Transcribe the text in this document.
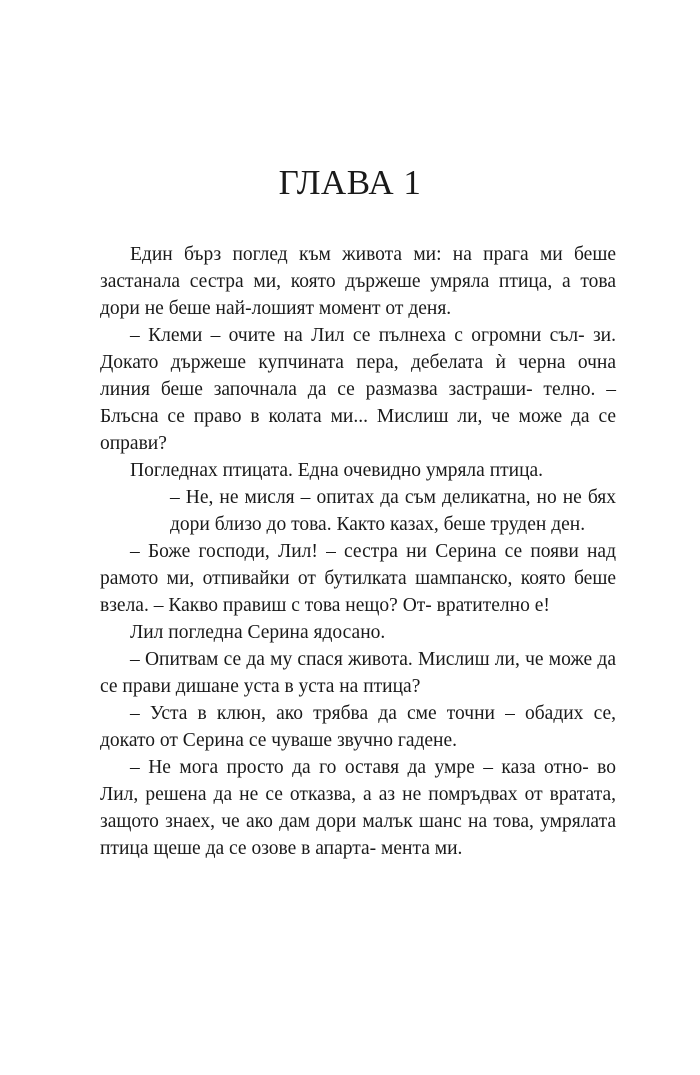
ГЛАВА 1

Един бърз поглед към живота ми: на прага ми беше застанала сестра ми, която държеше умряла птица, а това дори не беше най-лошият момент от деня.

– Клеми – очите на Лил се пълнеха с огромни съл- зи. Докато държеше купчината пера, дебелата ѝ черна очна линия беше започнала да се размазва застраши- телно. – Блъсна се право в колата ми... Мислиш ли, че може да се оправи?

Погледнах птицата. Една очевидно умряла птица.

– Не, не мисля – опитах да съм деликатна, но не бях дори близо до това. Както казах, беше труден ден.

– Боже господи, Лил! – сестра ни Серина се появи над рамото ми, отпивайки от бутилката шампанско, която беше взела. – Какво правиш с това нещо? От- вратително е!

Лил погледна Серина ядосано.

– Опитвам се да му спася живота. Мислиш ли, че може да се прави дишане уста в уста на птица?

– Уста в клюн, ако трябва да сме точни – обадих се, докато от Серина се чуваше звучно гадене.

– Не мога просто да го оставя да умре – каза отно- во Лил, решена да не се отказва, а аз не помръдвах от вратата, защото знаех, че ако дам дори малък шанс на това, умрялата птица щеше да се озове в апарта- мента ми.
